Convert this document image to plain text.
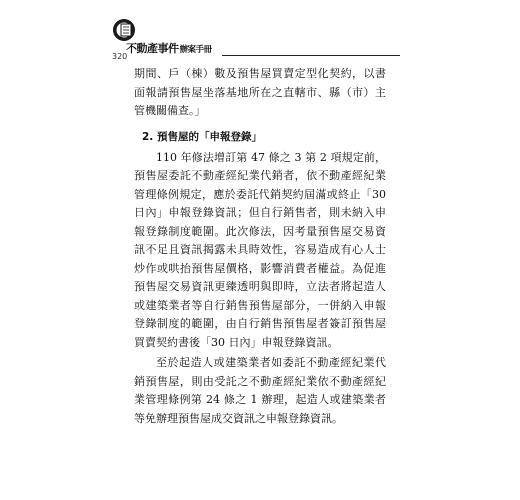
不動產事件辦案手冊
320

期間、戶（棟）數及預售屋買賣定型化契約，以書面報請預售屋坐落基地所在之直轄市、縣（市）主管機關備查。」

2. 預售屋的「申報登錄」

110 年修法增訂第 47 條之 3 第 2 項規定前，預售屋委託不動產經紀業代銷者，依不動產經紀業管理條例規定，應於委託代銷契約屆滿或終止「30 日內」申報登錄資訊；但自行銷售者，則未納入申報登錄制度範圍。此次修法，因考量預售屋交易資訊不足且資訊揭露未具時效性，容易造成有心人士炒作或哄抬預售屋價格，影響消費者權益。為促進預售屋交易資訊更臻透明與即時，立法者將起造人或建築業者等自行銷售預售屋部分，一併納入申報登錄制度的範圍，由自行銷售預售屋者簽訂預售屋買賣契約書後「30 日內」申報登錄資訊。

至於起造人或建築業者如委託不動產經紀業代銷預售屋，則由受託之不動產經紀業依不動產經紀業管理條例第 24 條之 1 辦理，起造人或建築業者等免辦理預售屋成交資訊之申報登錄資訊。
